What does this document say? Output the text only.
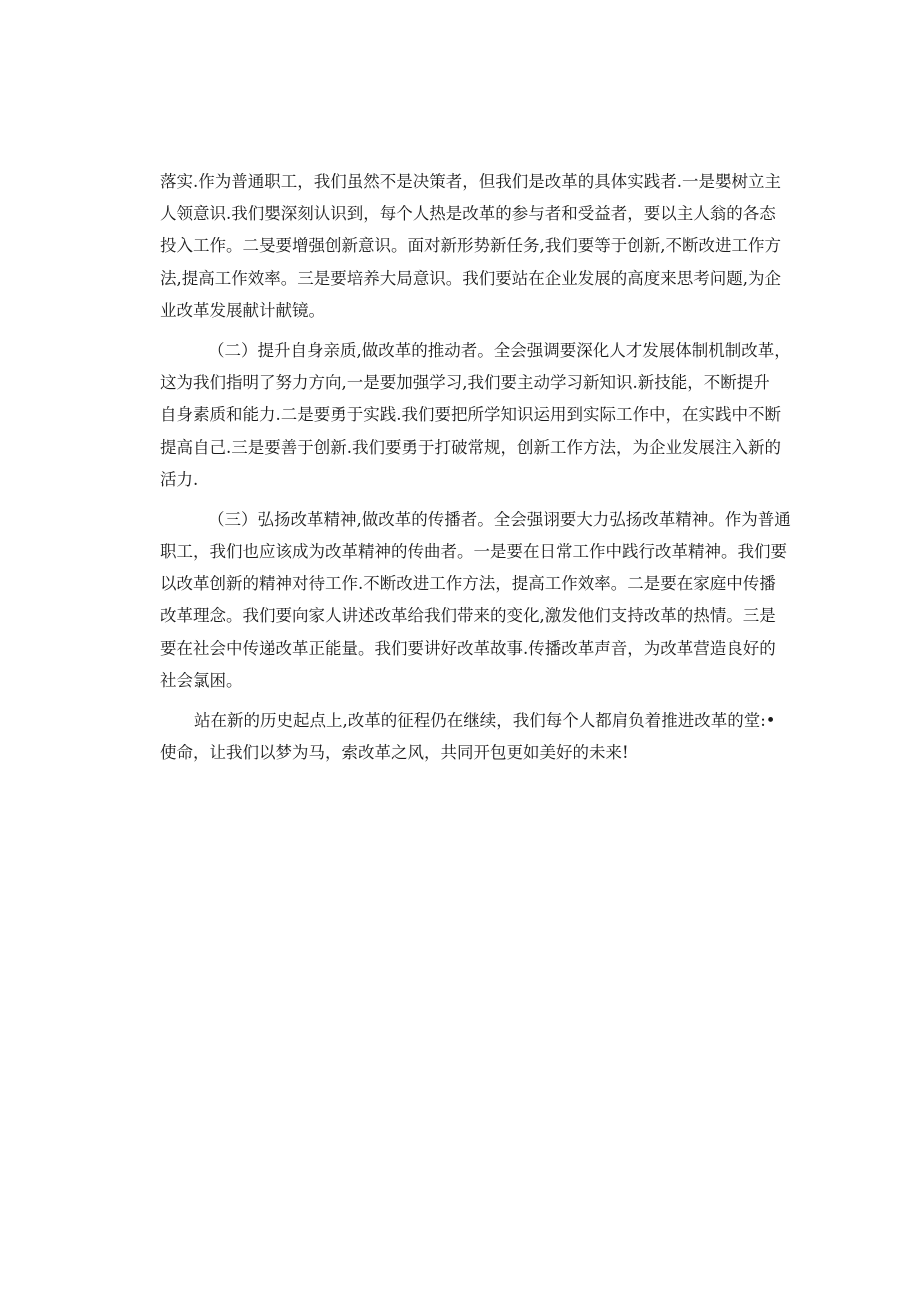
落实.作为普通职工，我们虽然不是决策者，但我们是改革的具体实践者.一是嬰树立主
人领意识.我们嬰深刻认识到，每个人热是改革的参与者和受益者，要以主人翁的各态
投入工作。二旻要增强创新意识。面对新形势新任务,我们要等于创新,不断改进工作方
法,提高工作效率。三是要培养大局意识。我们要站在企业发展的高度来思考问题,为企
业改革发展献计献镜。
（二）提升自身亲质,做改革的推动者。全会强调要深化人才发展体制机制改革，
这为我们指明了努力方向,一是要加强学习,我们要主动学习新知识.新技能，不断提升
自身素质和能力.二是要勇于实践.我们要把所学知识运用到实际工作中，在实践中不断
提高自己.三是要善于创新.我们要勇于打破常规，创新工作方法，为企业发展注入新的
活力.
（三）弘扬改革精神,做改革的传播者。全会强诩要大力弘扬改革精神。作为普通
职工，我们也应该成为改革精神的传曲者。一是要在日常工作中践行改革精神。我们要
以改革创新的精神对待工作.不断改进工作方法，提高工作效率。二是要在家庭中传播
改革理念。我们要向家人讲述改革给我们带来的变化,激发他们支持改革的热情。三是
要在社会中传递改革正能量。我们要讲好改革故事.传播改革声音，为改革营造良好的
社会氯困。
站在新的历史起点上,改革的征程仍在继续，我们每个人都肩负着推进改革的堂:•
使命，让我们以梦为马，索改革之风，共同开包更如美好的未来!
